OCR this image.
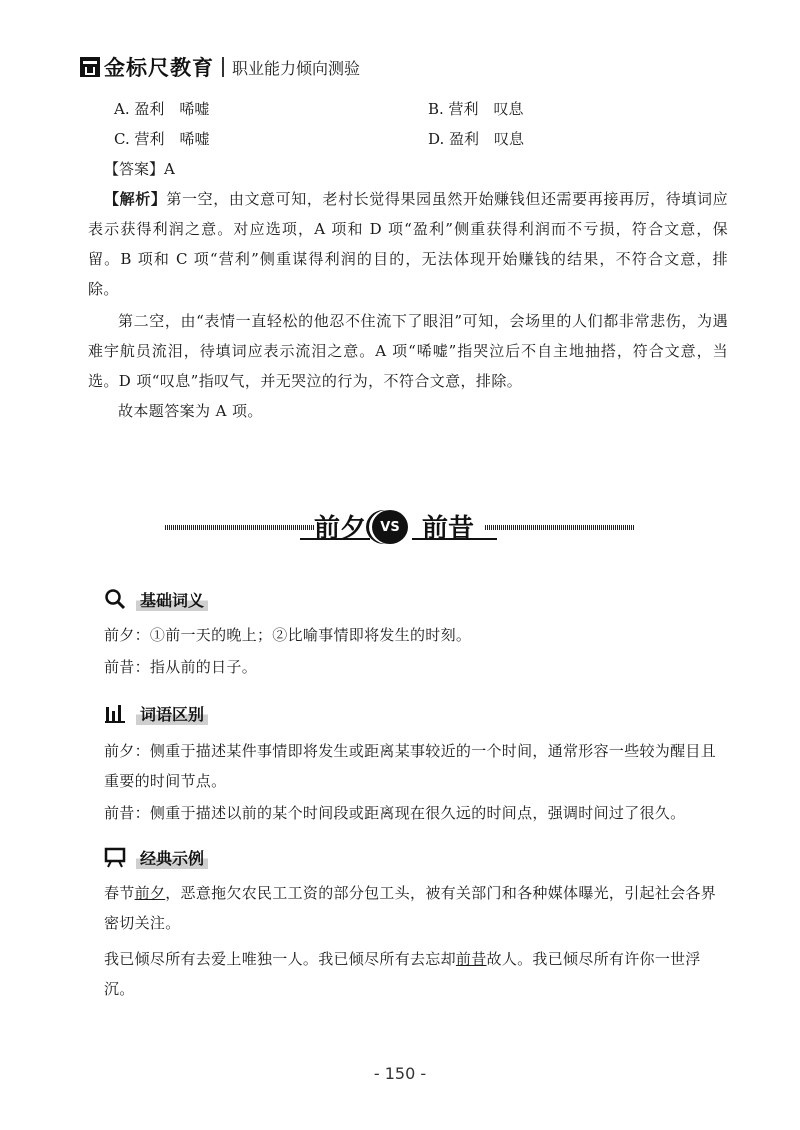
金标尺教育 职业能力倾向测验
A. 盈利　唏嘘	B. 营利　叹息
C. 营利　唏嘘	D. 盈利　叹息
【答案】A

【解析】第一空，由文意可知，老村长觉得果园虽然开始赚钱但还需要再接再厉，待填词应表示获得利润之意。对应选项，A 项和 D 项“盈利”侧重获得利润而不亏损，符合文意，保留。B 项和 C 项“营利”侧重谋得利润的目的，无法体现开始赚钱的结果，不符合文意，排除。

第二空，由“表情一直轻松的他忍不住流下了眼泪”可知，会场里的人们都非常悲伤，为遇难宇航员流泪，待填词应表示流泪之意。A 项“唏嘘”指哭泣后不自主地抽搭，符合文意，当选。D 项“叹息”指叹气，并无哭泣的行为，不符合文意，排除。

故本题答案为 A 项。

前夕	VS 前昔
基础词义

前夕：①前一天的晚上；②比喻事情即将发生的时刻。

前昔：指从前的日子。

词语区别

前夕：侧重于描述某件事情即将发生或距离某事较近的一个时间，通常形容一些较为醒目且重要的时间节点。

前昔：侧重于描述以前的某个时间段或距离现在很久远的时间点，强调时间过了很久。

经典示例

春节前夕，恶意拖欠农民工工资的部分包工头，被有关部门和各种媒体曝光，引起社会各界密切关注。

我已倾尽所有去爱上唯独一人。我已倾尽所有去忘却前昔故人。我已倾尽所有许你一世浮沉。

- 150 -
